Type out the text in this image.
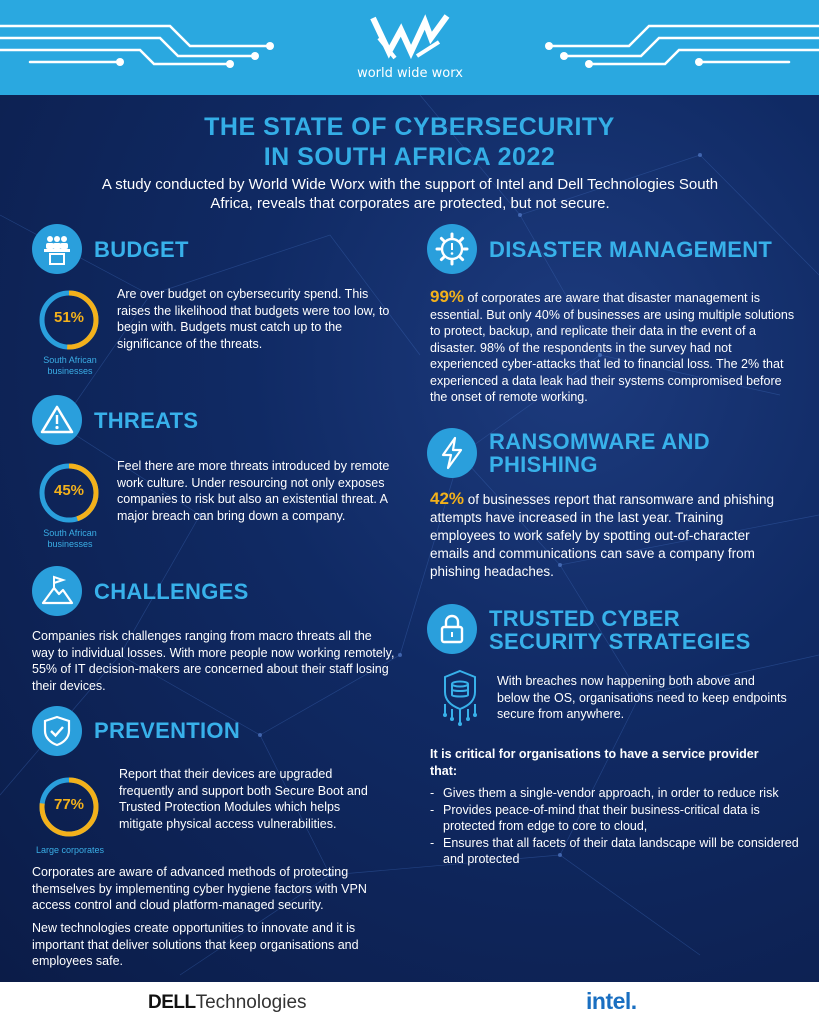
world wide worx
THE STATE OF CYBERSECURITY
IN SOUTH AFRICA 2022
A study conducted by World Wide Worx with the support of Intel and Dell Technologies South Africa, reveals that corporates are protected, but not secure.
BUDGET
51%
South African businesses
Are over budget on cybersecurity spend. This raises the likelihood that budgets were too low, to begin with. Budgets must catch up to the significance of the threats.
THREATS
45%
South African businesses
Feel there are more threats introduced by remote work culture. Under resourcing not only exposes companies to risk but also an existential threat. A major breach can bring down a company.
CHALLENGES
Companies risk challenges ranging from macro threats all the way to individual losses. With more people now working remotely, 55% of IT decision-makers are concerned about their staff losing their devices.
PREVENTION
77%
Large corporates
Report that their devices are upgraded frequently and support both Secure Boot and Trusted Protection Modules which helps mitigate physical access vulnerabilities.
Corporates are aware of advanced methods of protecting themselves by implementing cyber hygiene factors with VPN access control and cloud platform-managed security.
New technologies create opportunities to innovate and it is important that deliver solutions that keep organisations and employees safe.
DISASTER MANAGEMENT
99% of corporates are aware that disaster management is essential. But only 40% of businesses are using multiple solutions to protect, backup, and replicate their data in the event of a disaster. 98% of the respondents in the survey had not experienced cyber-attacks that led to financial loss. The 2% that experienced a data leak had their systems compromised before the onset of remote working.
RANSOMWARE AND
PHISHING
42% of businesses report that ransomware and phishing attempts have increased in the last year. Training employees to work safely by spotting out-of-character emails and communications can save a company from phishing headaches.
TRUSTED CYBER
SECURITY STRATEGIES
With breaches now happening both above and below the OS, organisations need to keep endpoints secure from anywhere.
It is critical for organisations to have a service provider that:
- Gives them a single-vendor approach, in order to reduce risk
- Provides peace-of-mind that their business-critical data is protected from edge to core to cloud,
- Ensures that all facets of their data landscape will be considered and protected
DELLTechnologies	intel.
